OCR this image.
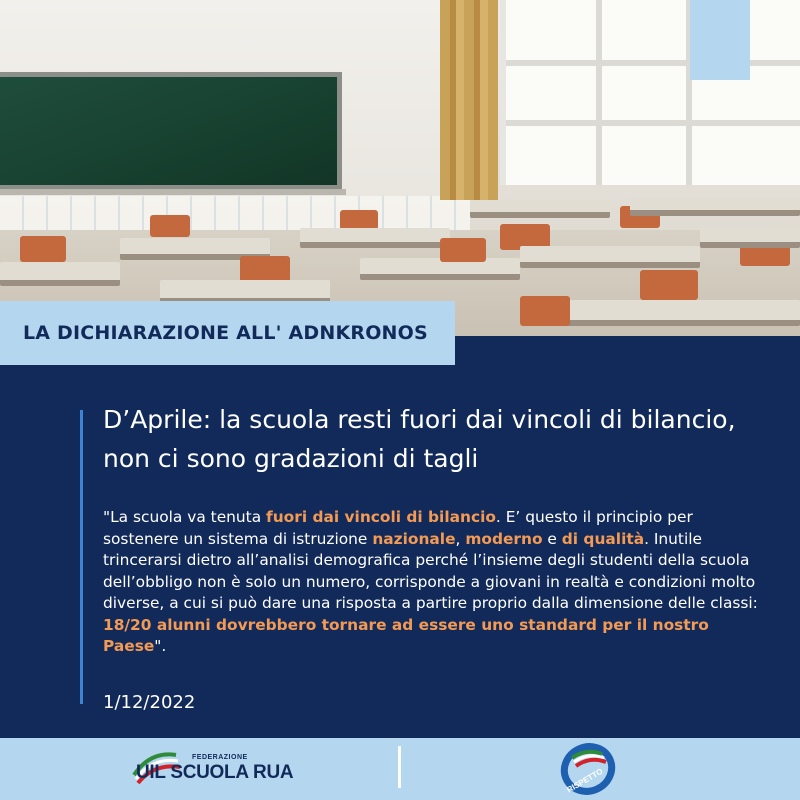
LA DICHIARAZIONE ALL' ADNKRONOS
D’Aprile: la scuola resti fuori dai vincoli di bilancio, non ci sono gradazioni di tagli

"La scuola va tenuta fuori dai vincoli di bilancio. E’ questo il principio per sostenere un sistema di istruzione nazionale, moderno e di qualità. Inutile trincerarsi dietro all’analisi demografica perché l’insieme degli studenti della scuola dell’obbligo non è solo un numero, corrisponde a giovani in realtà e condizioni molto diverse, a cui si può dare una risposta a partire proprio dalla dimensione delle classi: 18/20 alunni dovrebbero tornare ad essere uno standard per il nostro Paese".

1/12/2022
FEDERAZIONE
UIL SCUOLA RUA	RISPETTO
